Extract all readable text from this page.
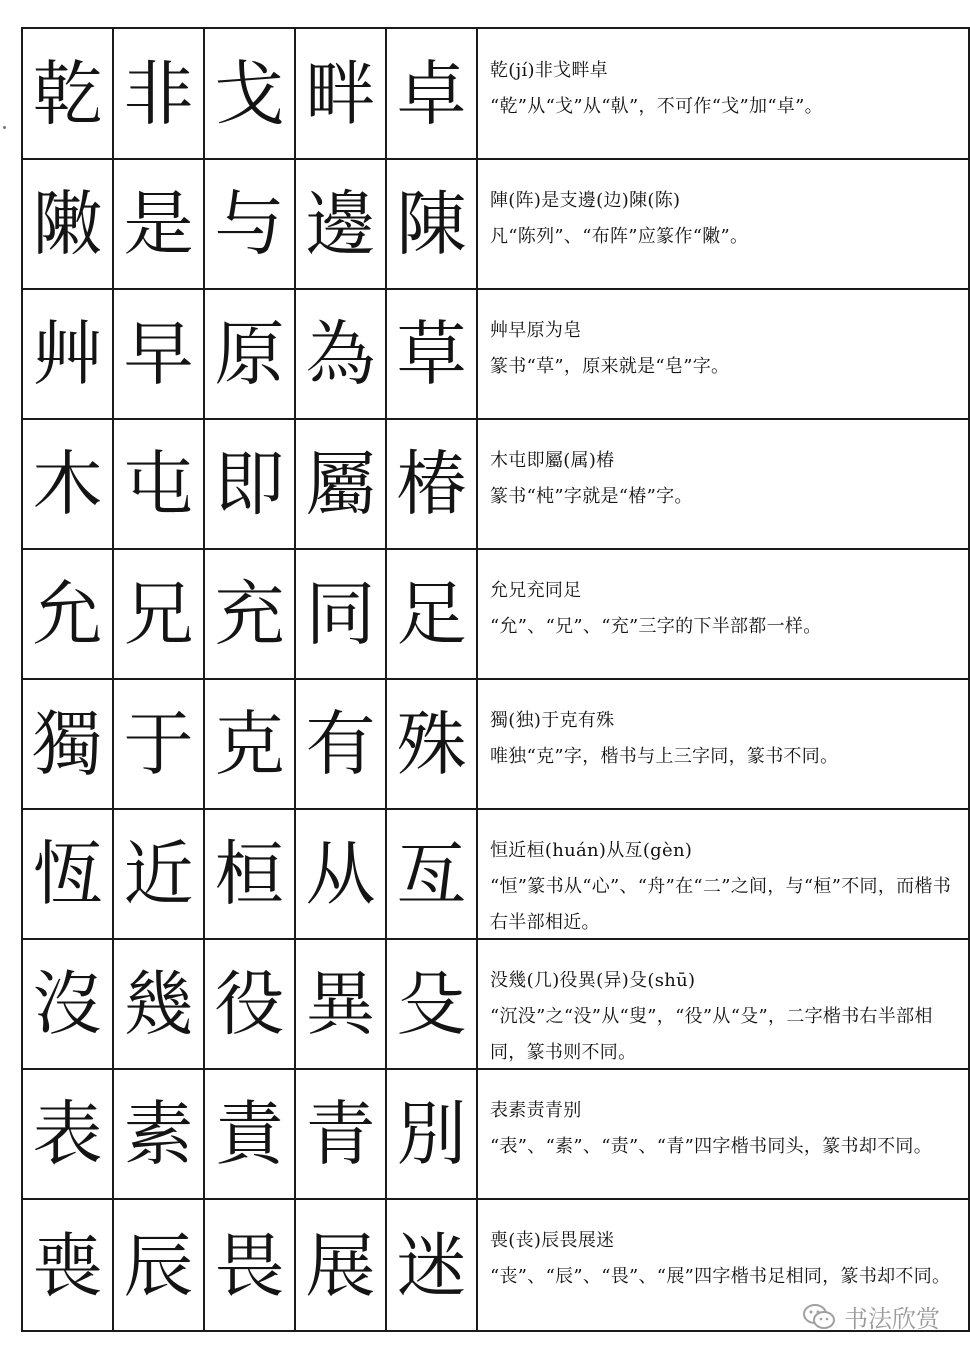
乾 非 戈 畔 卓	乾(jí)非戈畔卓
“乾”从“戈”从“倝”，不可作“戈”加“卓”。
敶 是 与 邊 陳	陣(阵)是支邊(边)陳(陈)
凡“陈列”、“布阵”应篆作“敶”。
艸 早 原 為 草	艸早原为皂
篆书“草”，原来就是“皂”字。
木 屯 即 屬 椿	木屯即屬(属)椿
篆书“杶”字就是“椿”字。
允 兄 充 同 足	允兄充同足
“允”、“兄”、“充”三字的下半部都一样。
獨 于 克 有 殊	獨(独)于克有殊
唯独“克”字，楷书与上三字同，篆书不同。
恆 近 桓 从 亙	恒近桓(huán)从亙(gèn)
“恒”篆书从“心”、“舟”在“二”之间，与“桓”不同，而楷书右半部相近。
沒 幾 役 異 殳	没幾(几)役異(异)殳(shū)
“沉没”之“没”从“叟”，“役”从“殳”，二字楷书右半部相同，篆书则不同。
表 素 責 青 別	表素责青别
“表”、“素”、“责”、“青”四字楷书同头，篆书却不同。
喪 辰 畏 展 迷	喪(丧)辰畏展迷
“丧”、“辰”、“畏”、“展”四字楷书足相同，篆书却不同。
书法欣赏
